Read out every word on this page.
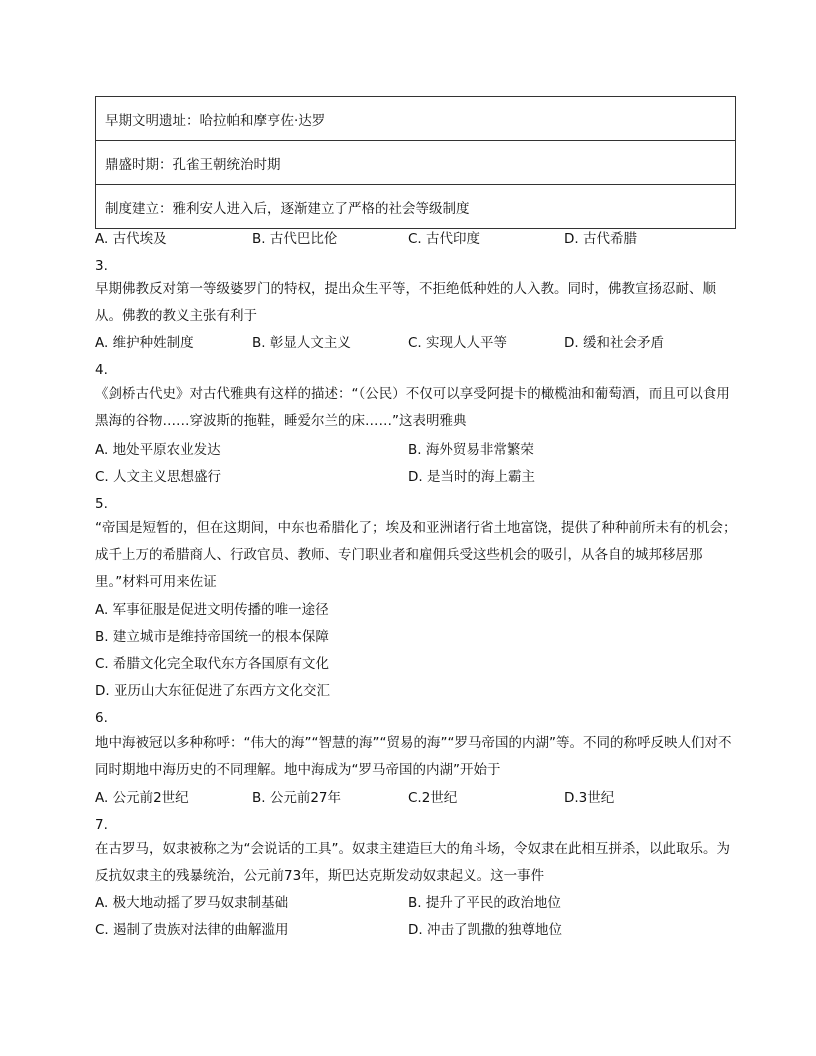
早期文明遗址：哈拉帕和摩亨佐·达罗
鼎盛时期：孔雀王朝统治时期
制度建立：雅利安人进入后，逐渐建立了严格的社会等级制度
A. 古代埃及	B. 古代巴比伦	C. 古代印度	D. 古代希腊
3.
早期佛教反对第一等级婆罗门的特权，提出众生平等，不拒绝低种姓的人入教。同时，佛教宣扬忍耐、顺从。佛教的教义主张有利于
A. 维护种姓制度	B. 彰显人文主义	C. 实现人人平等	D. 缓和社会矛盾
4.
《剑桥古代史》对古代雅典有这样的描述：“（公民）不仅可以享受阿提卡的橄榄油和葡萄酒，而且可以食用黑海的谷物……穿波斯的拖鞋，睡爱尔兰的床……”这表明雅典
A. 地处平原农业发达	B. 海外贸易非常繁荣
C. 人文主义思想盛行	D. 是当时的海上霸主
5.
“帝国是短暂的，但在这期间，中东也希腊化了；埃及和亚洲诸行省土地富饶，提供了种种前所未有的机会；成千上万的希腊商人、行政官员、教师、专门职业者和雇佣兵受这些机会的吸引，从各自的城邦移居那里。”材料可用来佐证
A. 军事征服是促进文明传播的唯一途径
B. 建立城市是维持帝国统一的根本保障
C. 希腊文化完全取代东方各国原有文化
D. 亚历山大东征促进了东西方文化交汇
6.
地中海被冠以多种称呼：“伟大的海”“智慧的海”“贸易的海”“罗马帝国的内湖”等。不同的称呼反映人们对不同时期地中海历史的不同理解。地中海成为“罗马帝国的内湖”开始于
A. 公元前2世纪	B. 公元前27年	C.2世纪	D.3世纪
7.
在古罗马，奴隶被称之为“会说话的工具”。奴隶主建造巨大的角斗场，令奴隶在此相互拼杀，以此取乐。为反抗奴隶主的残暴统治，公元前73年，斯巴达克斯发动奴隶起义。这一事件
A. 极大地动摇了罗马奴隶制基础	B. 提升了平民的政治地位
C. 遏制了贵族对法律的曲解滥用	D. 冲击了凯撒的独尊地位
